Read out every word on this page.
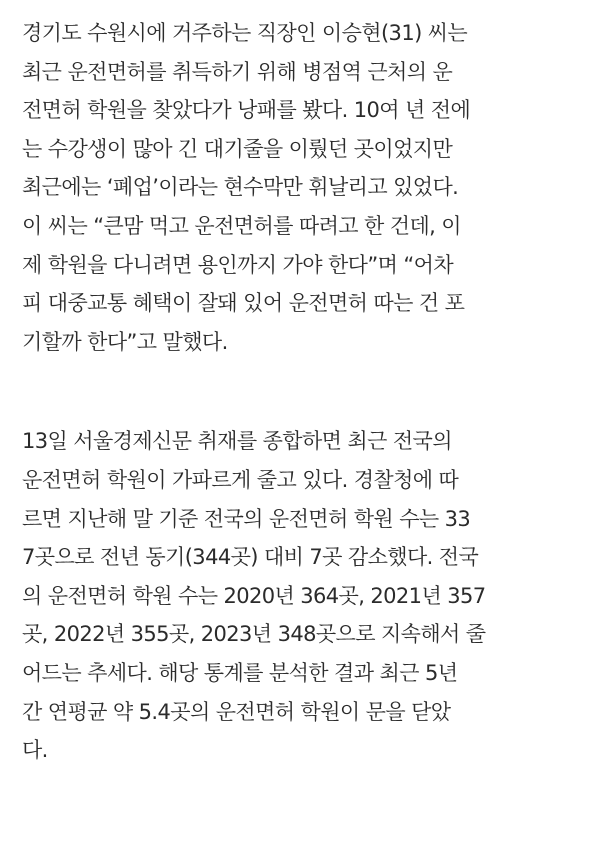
경기도 수원시에 거주하는 직장인 이승현(31) 씨는
최근 운전면허를 취득하기 위해 병점역 근처의 운
전면허 학원을 찾았다가 낭패를 봤다. 10여 년 전에
는 수강생이 많아 긴 대기줄을 이뤘던 곳이었지만
최근에는 ‘폐업’이라는 현수막만 휘날리고 있었다.
이 씨는 “큰맘 먹고 운전면허를 따려고 한 건데, 이
제 학원을 다니려면 용인까지 가야 한다”며 “어차
피 대중교통 혜택이 잘돼 있어 운전면허 따는 건 포
기할까 한다”고 말했다.

13일 서울경제신문 취재를 종합하면 최근 전국의
운전면허 학원이 가파르게 줄고 있다. 경찰청에 따
르면 지난해 말 기준 전국의 운전면허 학원 수는 33
7곳으로 전년 동기(344곳) 대비 7곳 감소했다. 전국
의 운전면허 학원 수는 2020년 364곳, 2021년 357
곳, 2022년 355곳, 2023년 348곳으로 지속해서 줄
어드는 추세다. 해당 통계를 분석한 결과 최근 5년
간 연평균 약 5.4곳의 운전면허 학원이 문을 닫았
다.
